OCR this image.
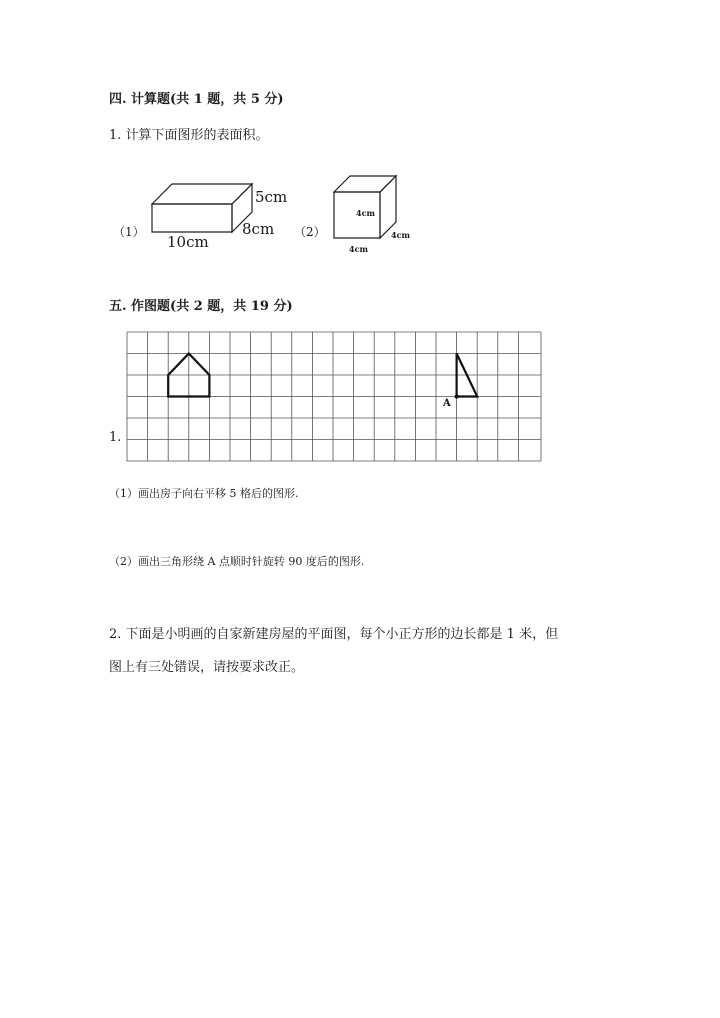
四. 计算题(共 1 题，共 5 分)
1. 计算下面图形的表面积。
（1）
5cm
8cm
10cm
（2）
4cm
4cm
4cm
五. 作图题(共 2 题，共 19 分)
A
1.
（1）画出房子向右平移 5 格后的图形.
（2）画出三角形绕 A 点顺时针旋转 90 度后的图形.
2. 下面是小明画的自家新建房屋的平面图，每个小正方形的边长都是 1 米，但
图上有三处错误，请按要求改正。
